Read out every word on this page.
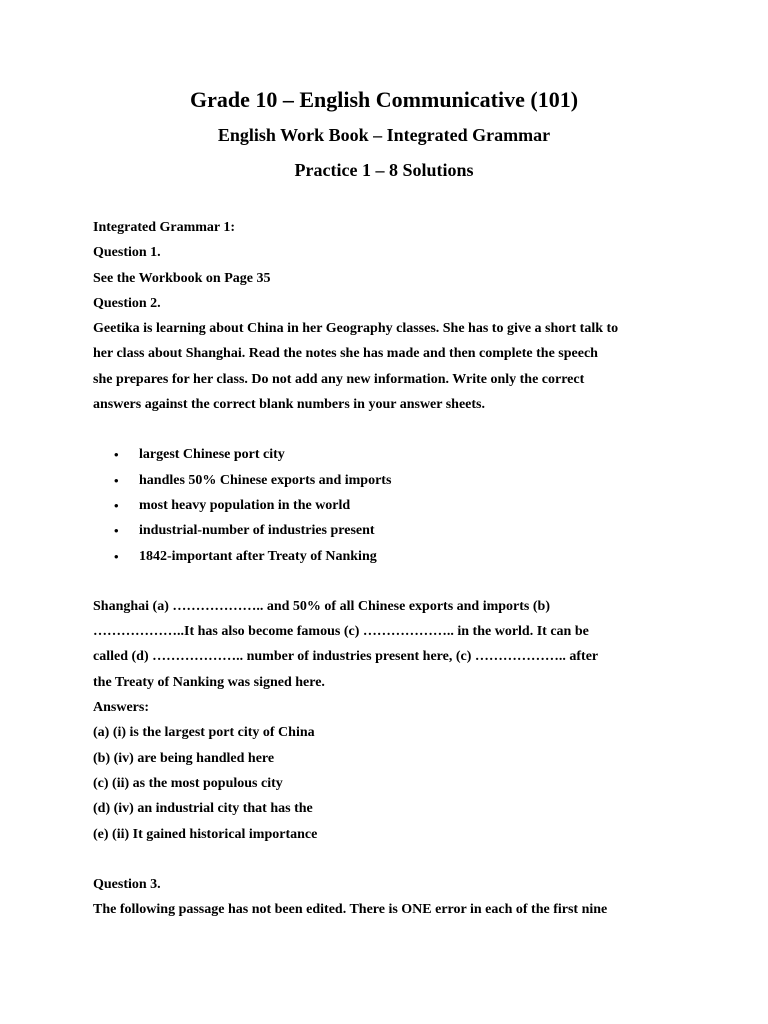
Grade 10 – English Communicative (101)
English Work Book – Integrated Grammar
Practice 1 – 8 Solutions
Integrated Grammar 1:
Question 1.
See the Workbook on Page 35
Question 2.
Geetika is learning about China in her Geography classes. She has to give a short talk to
her class about Shanghai. Read the notes she has made and then complete the speech
she prepares for her class. Do not add any new information. Write only the correct
answers against the correct blank numbers in your answer sheets.
• largest Chinese port city
• handles 50% Chinese exports and imports
• most heavy population in the world
• industrial-number of industries present
• 1842-important after Treaty of Nanking
Shanghai (a) ……………….. and 50% of all Chinese exports and imports (b)
………………..It has also become famous (c) ……………….. in the world. It can be
called (d) ……………….. number of industries present here, (c) ……………….. after
the Treaty of Nanking was signed here.
Answers:
(a) (i) is the largest port city of China
(b) (iv) are being handled here
(c) (ii) as the most populous city
(d) (iv) an industrial city that has the
(e) (ii) It gained historical importance
Question 3.
The following passage has not been edited. There is ONE error in each of the first nine
